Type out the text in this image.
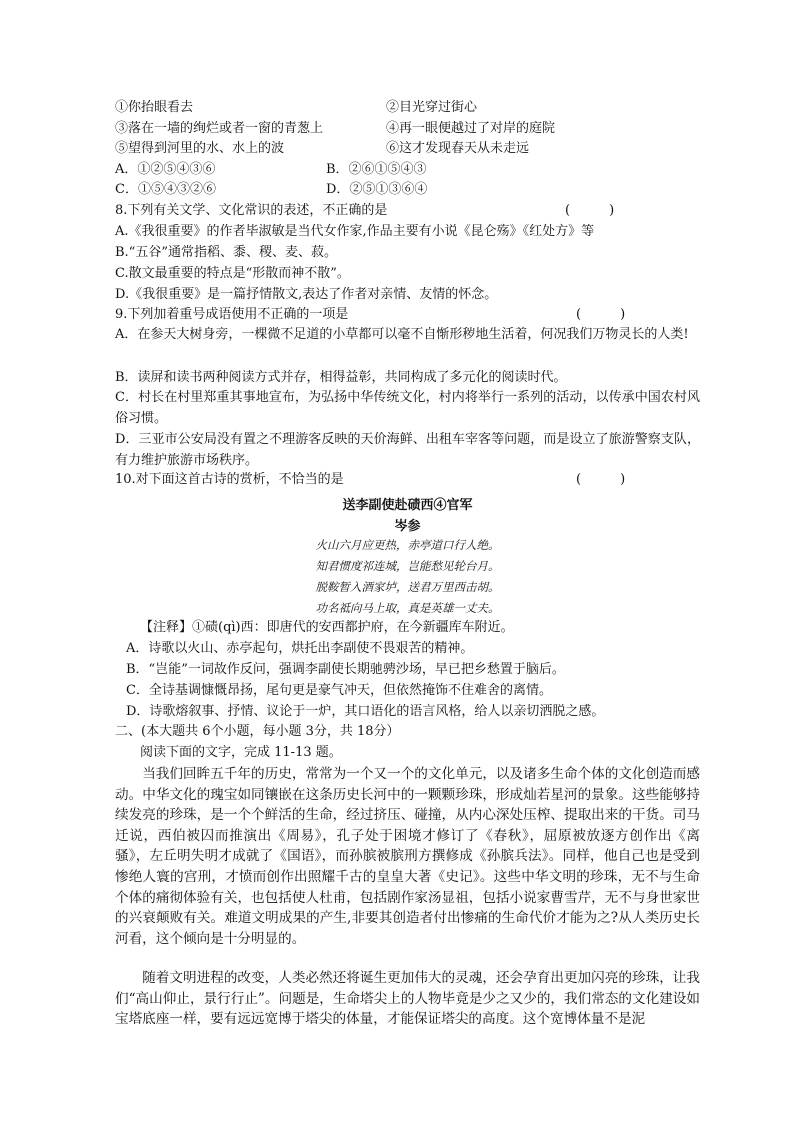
①你抬眼看去	②目光穿过街心
③落在一墙的绚烂或者一窗的青葱上	④再一眼便越过了对岸的庭院
⑤望得到河里的水、水上的波	⑥这才发现春天从未走远
A．①②⑤④③⑥	B．②⑥①⑤④③
C．①⑤④③②⑥	D．②⑤①③⑥④
8.下列有关文学、文化常识的表述，不正确的是	(　　　)
A.《我很重要》的作者毕淑敏是当代女作家,作品主要有小说《昆仑殇》《红处方》等
B.“五谷”通常指稻、黍、稷、麦、菽。
C.散文最重要的特点是“形散而神不散”。
D.《我很重要》是一篇抒情散文,表达了作者对亲情、友情的怀念。
9.下列加着重号成语使用不正确的一项是	(　　　)
A．在参天大树身旁，一棵微不足道的小草都可以毫不自惭形秽地生活着，何况我们万物灵长的人类!
B．读屏和读书两种阅读方式并存，相得益彰，共同构成了多元化的阅读时代。
C．村长在村里郑重其事地宣布，为弘扬中华传统文化，村内将举行一系列的活动，以传承中国农村风俗习惯。
D．三亚市公安局没有置之不理游客反映的天价海鲜、出租车宰客等问题，而是设立了旅游警察支队，有力维护旅游市场秩序。
10.对下面这首古诗的赏析，不恰当的是	(　　　)
送李副使赴碛西④官军
岑参
火山六月应更热，赤亭道口行人绝。
知君惯度祁连城，岂能愁见轮台月。
脱鞍暂入酒家垆，送君万里西击胡。
功名祗向马上取，真是英雄一丈夫。
【注释】①碛(qì)西：即唐代的安西都护府，在今新疆库车附近。
A．诗歌以火山、赤亭起句，烘托出李副使不畏艰苦的精神。
B．“岂能”一词故作反问，强调李副使长期驰骋沙场，早已把乡愁置于脑后。
C．全诗基调慷慨昂扬，尾句更是豪气冲天，但依然掩饰不住难舍的离情。
D．诗歌熔叙事、抒情、议论于一炉，其口语化的语言风格，给人以亲切洒脱之感。
二、(本大题共 6个小题，每小题 3分，共 18分）
阅读下面的文字，完成 11-13 题。
当我们回眸五千年的历史，常常为一个又一个的文化单元，以及诸多生命个体的文化创造而感动。中华文化的瑰宝如同镶嵌在这条历史长河中的一颗颗珍珠，形成灿若星河的景象。这些能够持续发亮的珍珠，是一个个鲜活的生命，经过挤压、碰撞，从内心深处压榨、提取出来的干货。司马迁说，西伯被囚而推演出《周易》，孔子处于困境才修订了《春秋》，屈原被放逐方创作出《离骚》，左丘明失明才成就了《国语》，而孙膑被膑刑方撰修成《孙膑兵法》。同样，他自己也是受到惨绝人寰的宫刑，才愤而创作出照耀千古的皇皇大著《史记》。这些中华文明的珍珠，无不与生命个体的痛彻体验有关，也包括使人杜甫，包括剧作家汤显祖，包括小说家曹雪芹，无不与身世家世的兴衰颠败有关。难道文明成果的产生,非要其创造者付出惨痛的生命代价才能为之?从人类历史长河看，这个倾向是十分明显的。
随着文明进程的改变，人类必然还将诞生更加伟大的灵魂，还会孕育出更加闪亮的珍珠，让我们“高山仰止，景行行止”。问题是，生命塔尖上的人物毕竟是少之又少的，我们常态的文化建设如宝塔底座一样，要有远远宽博于塔尖的体量，才能保证塔尖的高度。这个宽博体量不是泥
